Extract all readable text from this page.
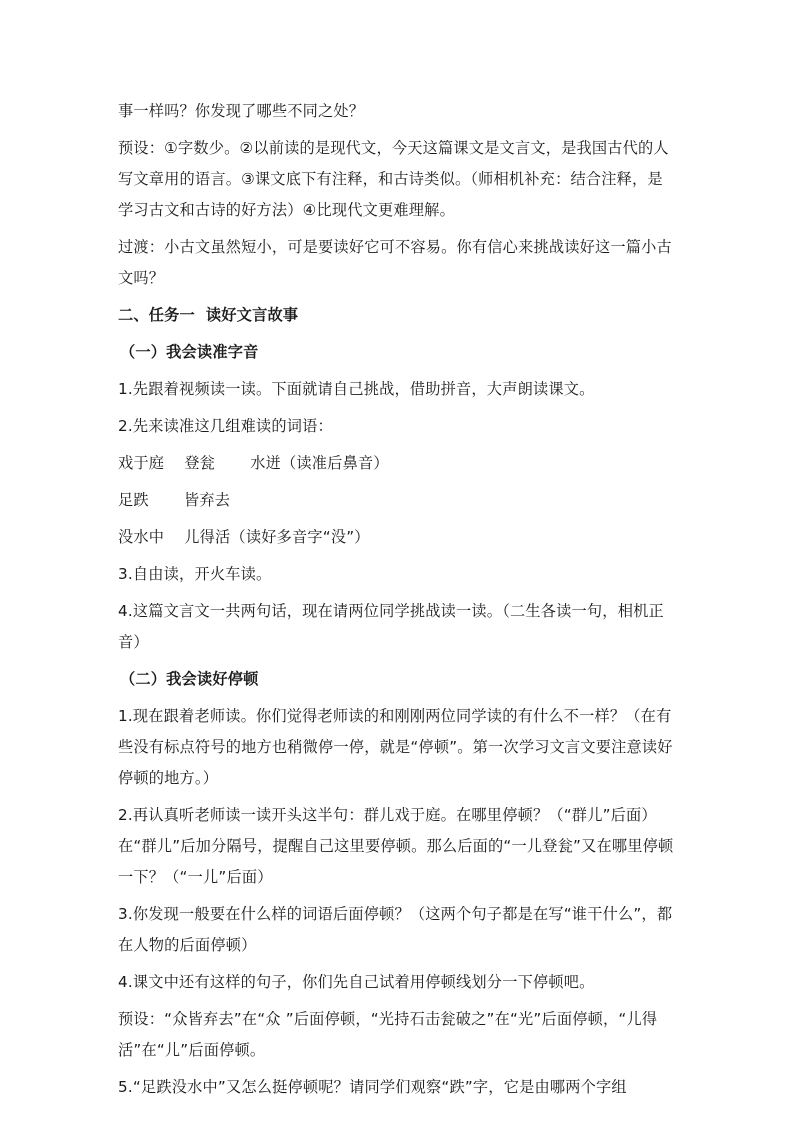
事一样吗？你发现了哪些不同之处？

预设：①字数少。②以前读的是现代文，今天这篇课文是文言文，是我国古代的人写文章用的语言。③课文底下有注释，和古诗类似。（师相机补充：结合注释，是学习古文和古诗的好方法）④比现代文更难理解。

过渡：小古文虽然短小，可是要读好它可不容易。你有信心来挑战读好这一篇小古文吗？

二、任务一  读好文言故事

（一）我会读准字音

1.先跟着视频读一读。下面就请自己挑战，借助拼音，大声朗读课文。

2.先来读准这几组难读的词语：

戏于庭    登瓮       水迸（读准后鼻音）

足跌       皆弃去

没水中    儿得活（读好多音字“没”）

3.自由读，开火车读。

4.这篇文言文一共两句话，现在请两位同学挑战读一读。（二生各读一句，相机正音）

（二）我会读好停顿

1.现在跟着老师读。你们觉得老师读的和刚刚两位同学读的有什么不一样？（在有些没有标点符号的地方也稍微停一停，就是“停顿”。第一次学习文言文要注意读好停顿的地方。）

2.再认真听老师读一读开头这半句：群儿戏于庭。在哪里停顿？（“群儿”后面）在“群儿”后加分隔号，提醒自己这里要停顿。那么后面的“一儿登瓮”又在哪里停顿一下？（“一儿”后面）

3.你发现一般要在什么样的词语后面停顿？（这两个句子都是在写“谁干什么”，都在人物的后面停顿）

4.课文中还有这样的句子，你们先自己试着用停顿线划分一下停顿吧。

预设：“众皆弃去”在“众 ”后面停顿，“光持石击瓮破之”在“光”后面停顿，“儿得活”在“儿”后面停顿。

5.“足跌没水中”又怎么挺停顿呢？请同学们观察“跌”字，它是由哪两个字组
